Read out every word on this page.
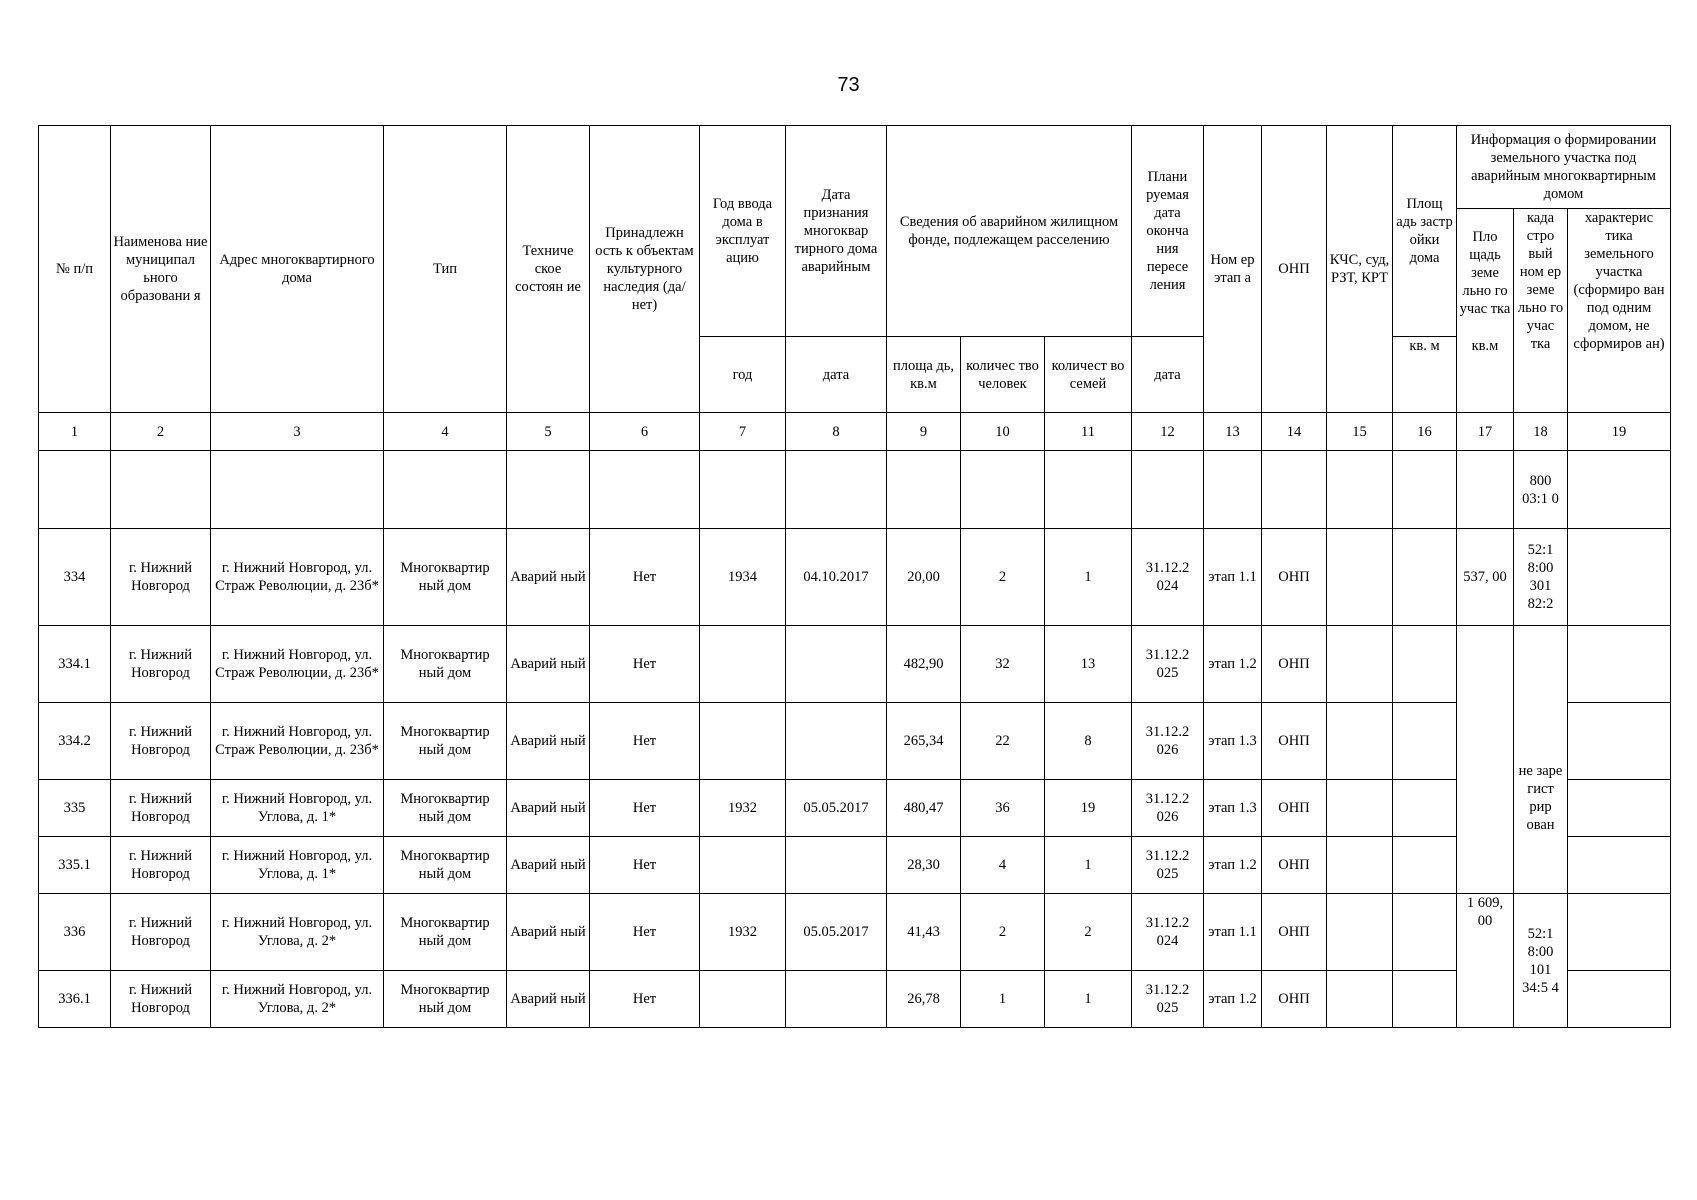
73
№ п/п	Наименова ние муниципал ьного образовани я	Адрес многоквартирного дома	Тип	Техниче ское состоян ие	Принадлежн ость к объектам культурного наследия (да/нет)	Год ввода дома в эксплуат ацию	Дата признания многоквар тирного дома аварийным	Сведения об аварийном жилищном фонде, подлежащем расселению			Плани руемая дата оконча ния пересе ления	Ном ер этап а	ОНП	КЧС, суд, РЗТ, КРТ	Площ адь застр ойки дома	Информация о формировании земельного участка под аварийным многоквартирным домом		
																Пло щадь земе льно го учас тка	када стро вый ном ер земе льно го учас тка	характерис тика земельного участка (сформиро ван под одним домом, не сформиров ан)
						год	дата	площа дь, кв.м	количес тво человек	количест во семей	дата				кв. м	кв.м		
1	2	3	4	5	6	7	8	9	10	11	12	13	14	15	16	17	18	19
																	800 03:1 0	
334	г. Нижний Новгород	г. Нижний Новгород, ул. Страж Революции, д. 23б*	Многоквартир ный дом	Аварий ный	Нет	1934	04.10.2017	20,00	2	1	31.12.2 024	этап 1.1	ОНП			537, 00	52:1 8:00 301 82:2	
334.1	г. Нижний Новгород	г. Нижний Новгород, ул. Страж Революции, д. 23б*	Многоквартир ный дом	Аварий ный	Нет			482,90	32	13	31.12.2 025	этап 1.2	ОНП					
334.2	г. Нижний Новгород	г. Нижний Новгород, ул. Страж Революции, д. 23б*	Многоквартир ный дом	Аварий ный	Нет			265,34	22	8	31.12.2 026	этап 1.3	ОНП				не заре гист рир ован	
335	г. Нижний Новгород	г. Нижний Новгород, ул. Углова, д. 1*	Многоквартир ный дом	Аварий ный	Нет	1932	05.05.2017	480,47	36	19	31.12.2 026	этап 1.3	ОНП					
335.1	г. Нижний Новгород	г. Нижний Новгород, ул. Углова, д. 1*	Многоквартир ный дом	Аварий ный	Нет			28,30	4	1	31.12.2 025	этап 1.2	ОНП					
336	г. Нижний Новгород	г. Нижний Новгород, ул. Углова, д. 2*	Многоквартир ный дом	Аварий ный	Нет	1932	05.05.2017	41,43	2	2	31.12.2 024	этап 1.1	ОНП			1 609, 00	52:1 8:00 101 34:5 4	
336.1	г. Нижний Новгород	г. Нижний Новгород, ул. Углова, д. 2*	Многоквартир ный дом	Аварий ный	Нет			26,78	1	1	31.12.2 025	этап 1.2	ОНП					
